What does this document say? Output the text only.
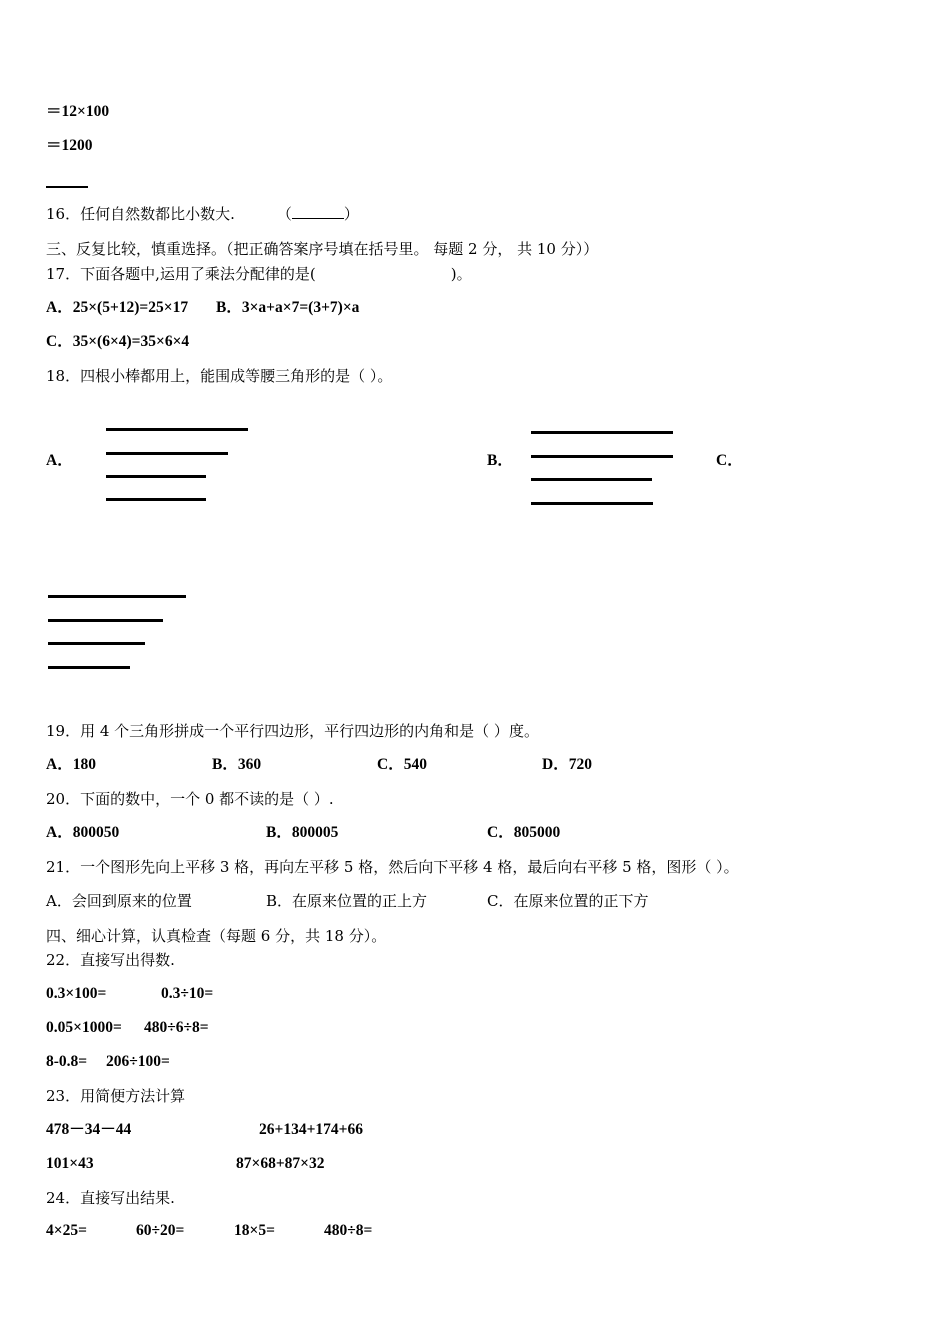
＝12×100
＝1200
16．任何自然数都比小数大.	（	）
三、反复比较，慎重选择。（把正确答案序号填在括号里。 每题 2 分， 共 10 分））
17．下面各题中,运用了乘法分配律的是(	)。
A．25×(5+12)=25×17 B．3×a+a×7=(3+7)×a
C．35×(6×4)=35×6×4
18．四根小棒都用上，能围成等腰三角形的是（ ）。
A．	B．	C．
19．用 4 个三角形拼成一个平行四边形，平行四边形的内角和是（ ）度。
A．180	B．360	C．540	D．720
20．下面的数中，一个 0 都不读的是（ ）.
A．800050	B．800005	C．805000
21．一个图形先向上平移 3 格，再向左平移 5 格，然后向下平移 4 格，最后向右平移 5 格，图形（ ）。
A．会回到原来的位置	B．在原来位置的正上方	C．在原来位置的正下方
四、细心计算，认真检查（每题 6 分，共 18 分）。
22．直接写出得数.
0.3×100=	0.3÷10=
0.05×1000= 480÷6÷8=
8-0.8= 206÷100=
23．用简便方法计算
478－34－44	26+134+174+66
101×43	87×68+87×32
24．直接写出结果.
4×25=	60÷20=	18×5=	480÷8=
